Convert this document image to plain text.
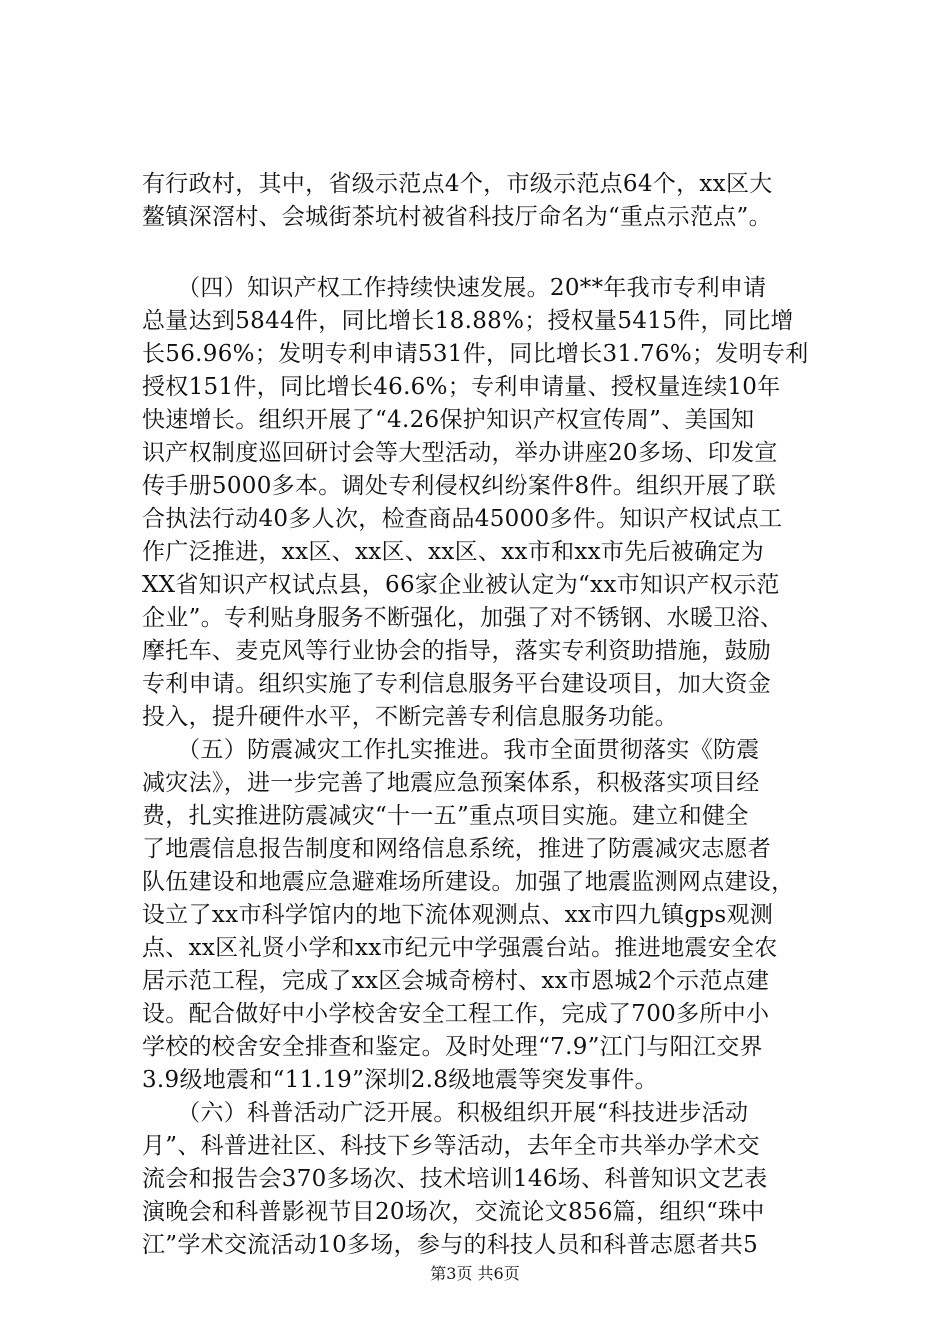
有行政村，其中，省级示范点4个，市级示范点64个，xx区大
鳌镇深滘村、会城街茶坑村被省科技厅命名为“重点示范点”。
　　（四）知识产权工作持续快速发展。20**年我市专利申请
总量达到5844件，同比增长18.88%；授权量5415件，同比增
长56.96%；发明专利申请531件，同比增长31.76%；发明专利
授权151件，同比增长46.6%；专利申请量、授权量连续10年
快速增长。组织开展了“4.26保护知识产权宣传周”、美国知
识产权制度巡回研讨会等大型活动，举办讲座20多场、印发宣
传手册5000多本。调处专利侵权纠纷案件8件。组织开展了联
合执法行动40多人次，检查商品45000多件。知识产权试点工
作广泛推进，xx区、xx区、xx区、xx市和xx市先后被确定为
XX省知识产权试点县，66家企业被认定为“xx市知识产权示范
企业”。专利贴身服务不断强化，加强了对不锈钢、水暖卫浴、
摩托车、麦克风等行业协会的指导，落实专利资助措施，鼓励
专利申请。组织实施了专利信息服务平台建设项目，加大资金
投入，提升硬件水平，不断完善专利信息服务功能。
　　（五）防震减灾工作扎实推进。我市全面贯彻落实《防震
减灾法》，进一步完善了地震应急预案体系，积极落实项目经
费，扎实推进防震减灾“十一五”重点项目实施。建立和健全
了地震信息报告制度和网络信息系统，推进了防震减灾志愿者
队伍建设和地震应急避难场所建设。加强了地震监测网点建设，
设立了xx市科学馆内的地下流体观测点、xx市四九镇gps观测
点、xx区礼贤小学和xx市纪元中学强震台站。推进地震安全农
居示范工程，完成了xx区会城奇榜村、xx市恩城2个示范点建
设。配合做好中小学校舍安全工程工作，完成了700多所中小
学校的校舍安全排查和鉴定。及时处理“7.9”江门与阳江交界
3.9级地震和“11.19”深圳2.8级地震等突发事件。
　　（六）科普活动广泛开展。积极组织开展“科技进步活动
月”、科普进社区、科技下乡等活动，去年全市共举办学术交
流会和报告会370多场次、技术培训146场、科普知识文艺表
演晚会和科普影视节目20场次，交流论文856篇，组织“珠中
江”学术交流活动10多场，参与的科技人员和科普志愿者共5
第3页 共6页
